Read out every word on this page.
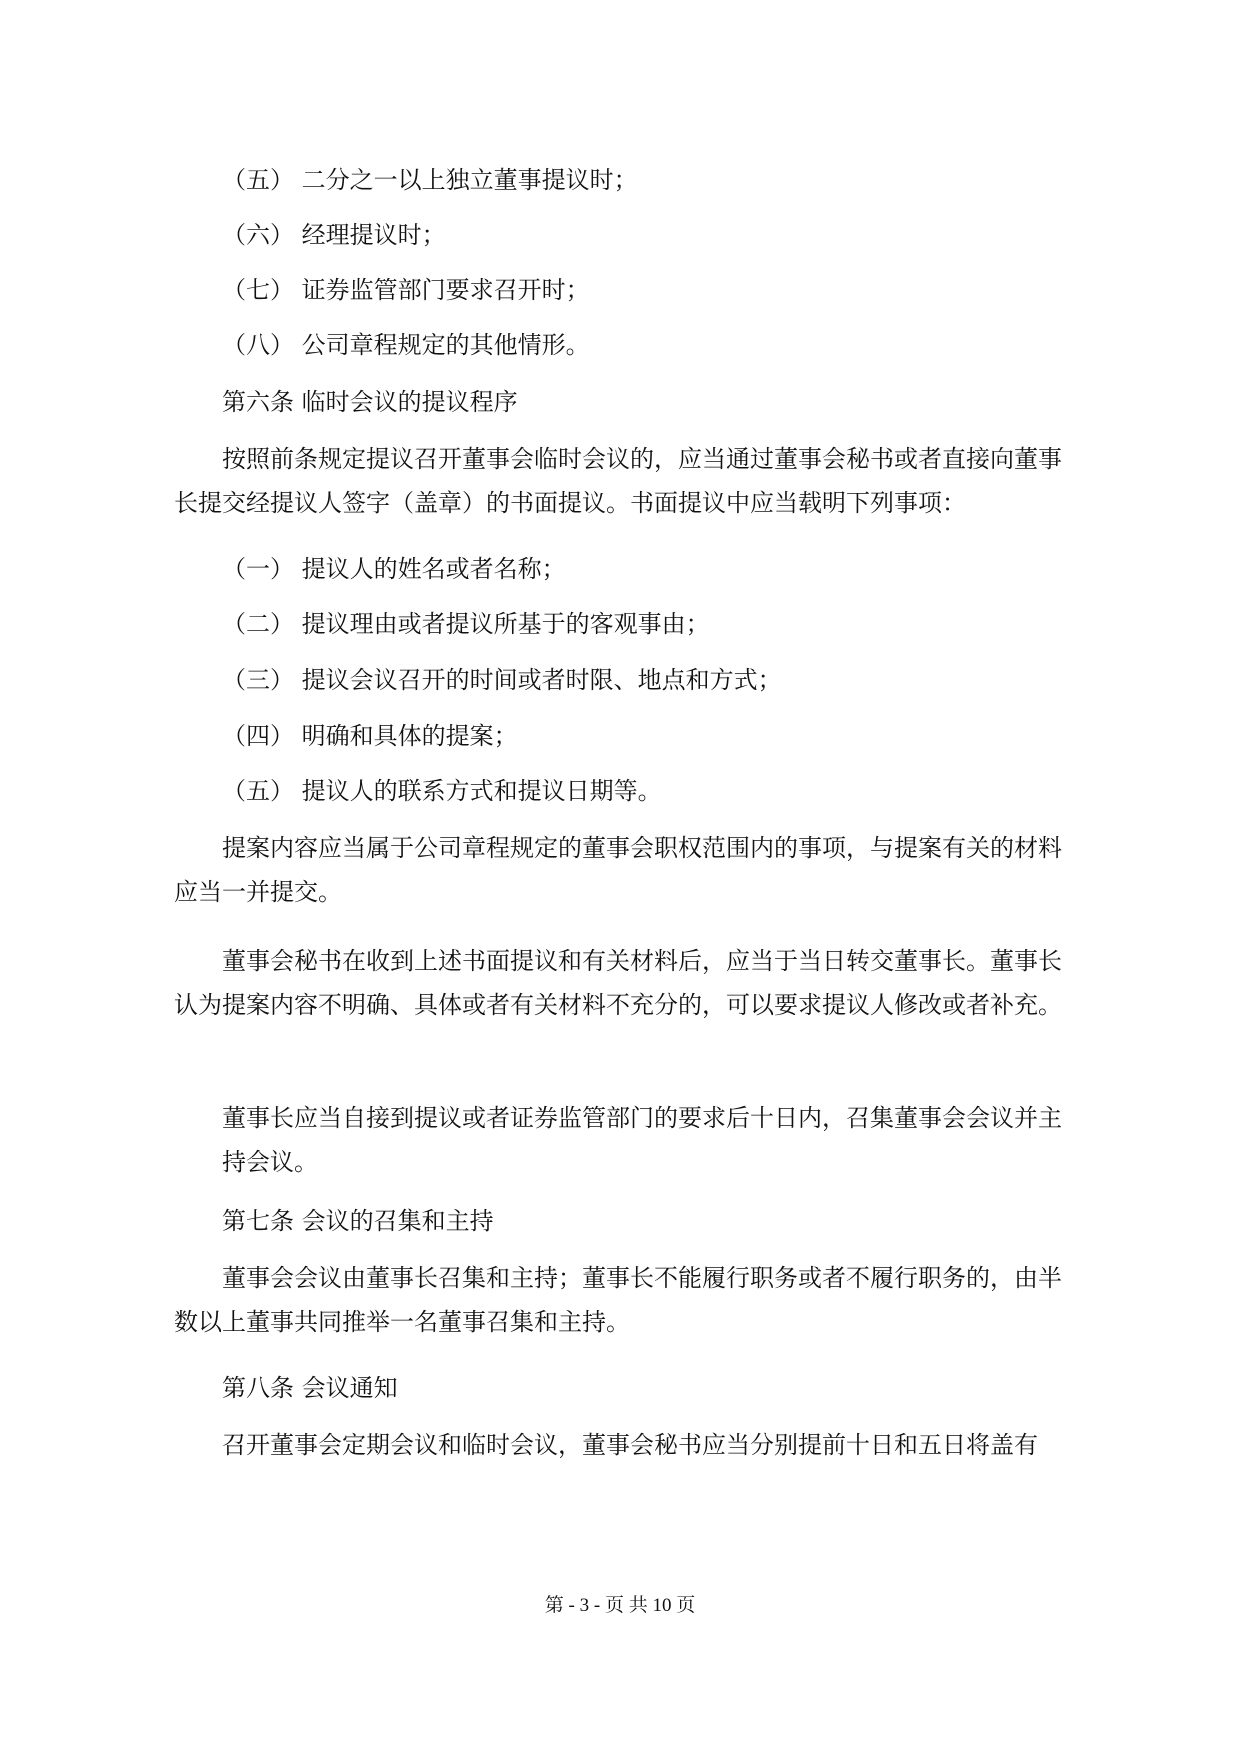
（五） 二分之一以上独立董事提议时；
（六） 经理提议时；
（七） 证券监管部门要求召开时；
（八） 公司章程规定的其他情形。
第六条 临时会议的提议程序
按照前条规定提议召开董事会临时会议的，应当通过董事会秘书或者直接向董事长提交经提议人签字（盖章）的书面提议。书面提议中应当载明下列事项：
（一） 提议人的姓名或者名称；
（二） 提议理由或者提议所基于的客观事由；
（三） 提议会议召开的时间或者时限、地点和方式；
（四） 明确和具体的提案；
（五） 提议人的联系方式和提议日期等。
提案内容应当属于公司章程规定的董事会职权范围内的事项，与提案有关的材料应当一并提交。
董事会秘书在收到上述书面提议和有关材料后，应当于当日转交董事长。董事长认为提案内容不明确、具体或者有关材料不充分的，可以要求提议人修改或者补充。
董事长应当自接到提议或者证券监管部门的要求后十日内，召集董事会会议并主持会议。
第七条 会议的召集和主持
董事会会议由董事长召集和主持；董事长不能履行职务或者不履行职务的，由半数以上董事共同推举一名董事召集和主持。
第八条 会议通知
召开董事会定期会议和临时会议，董事会秘书应当分别提前十日和五日将盖有
第 - 3 - 页 共 10 页
